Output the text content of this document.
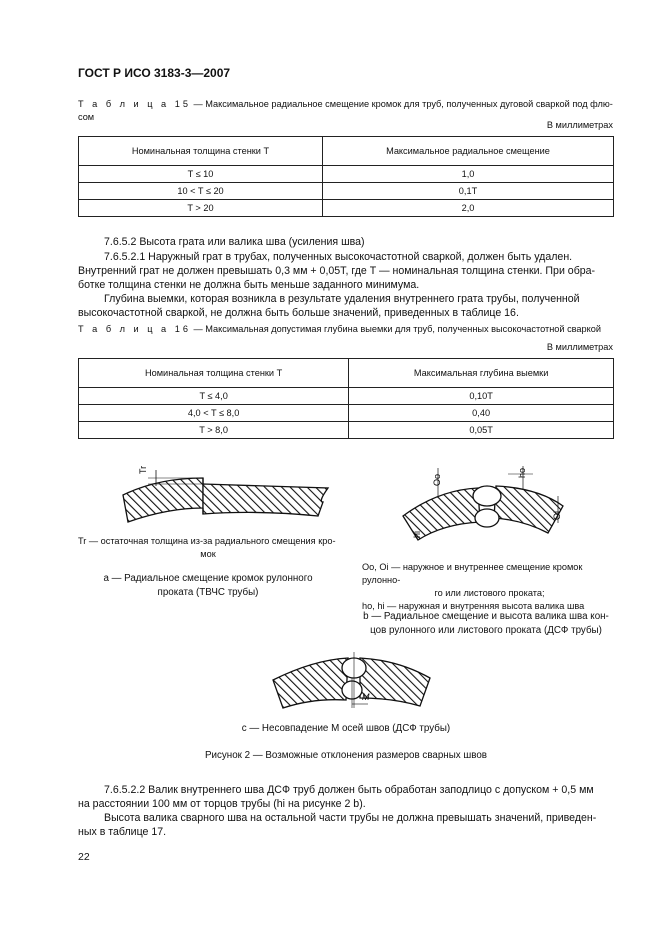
ГОСТ Р ИСО 3183-3—2007
Т а б л и ц а 15 — Максимальное радиальное смещение кромок для труб, полученных дуговой сваркой под флю-
сом
В миллиметрах
Номинальная толщина стенки T	Максимальное радиальное смещение
T ≤ 10	1,0
10 < T ≤ 20	0,1T
T > 20	2,0
7.6.5.2 Высота грата или валика шва (усиления шва)
7.6.5.2.1 Наружный грат в трубах, полученных высокочастотной сваркой, должен быть удален.
Внутренний грат не должен превышать 0,3 мм + 0,05T, где T — номинальная толщина стенки. При обра-
ботке толщина стенки не должна быть меньше заданного минимума.
Глубина выемки, которая возникла в результате удаления внутреннего грата трубы, полученной
высокочастотной сваркой, не должна быть больше значений, приведенных в таблице 16.
Т а б л и ц а 16 — Максимальная допустимая глубина выемки для труб, полученных высокочастотной сваркой
В миллиметрах
Номинальная толщина стенки T	Максимальная глубина выемки
T ≤ 4,0	0,10T
4,0 < T ≤ 8,0	0,40
T > 8,0	0,05T
Tr
Tr — остаточная толщина из-за радиального смещения кро-
мок
а — Радиальное смещение кромок рулонного
проката (ТВЧС трубы)
Oo
ho
hi
Oi
Oo, Oi — наружное и внутреннее смещение кромок рулонно-
го или листового проката;
ho, hi — наружная и внутренняя высота валика шва
b — Радиальное смещение и высота валика шва кон-
цов рулонного или листового проката (ДСФ трубы)
M
с — Несовпадение M осей швов (ДСФ трубы)
Рисунок 2 — Возможные отклонения размеров сварных швов
7.6.5.2.2 Валик внутреннего шва ДСФ труб должен быть обработан заподлицо с допуском + 0,5 мм
на расстоянии 100 мм от торцов трубы (hi на рисунке 2 b).
Высота валика сварного шва на остальной части трубы не должна превышать значений, приведен-
ных в таблице 17.
22
